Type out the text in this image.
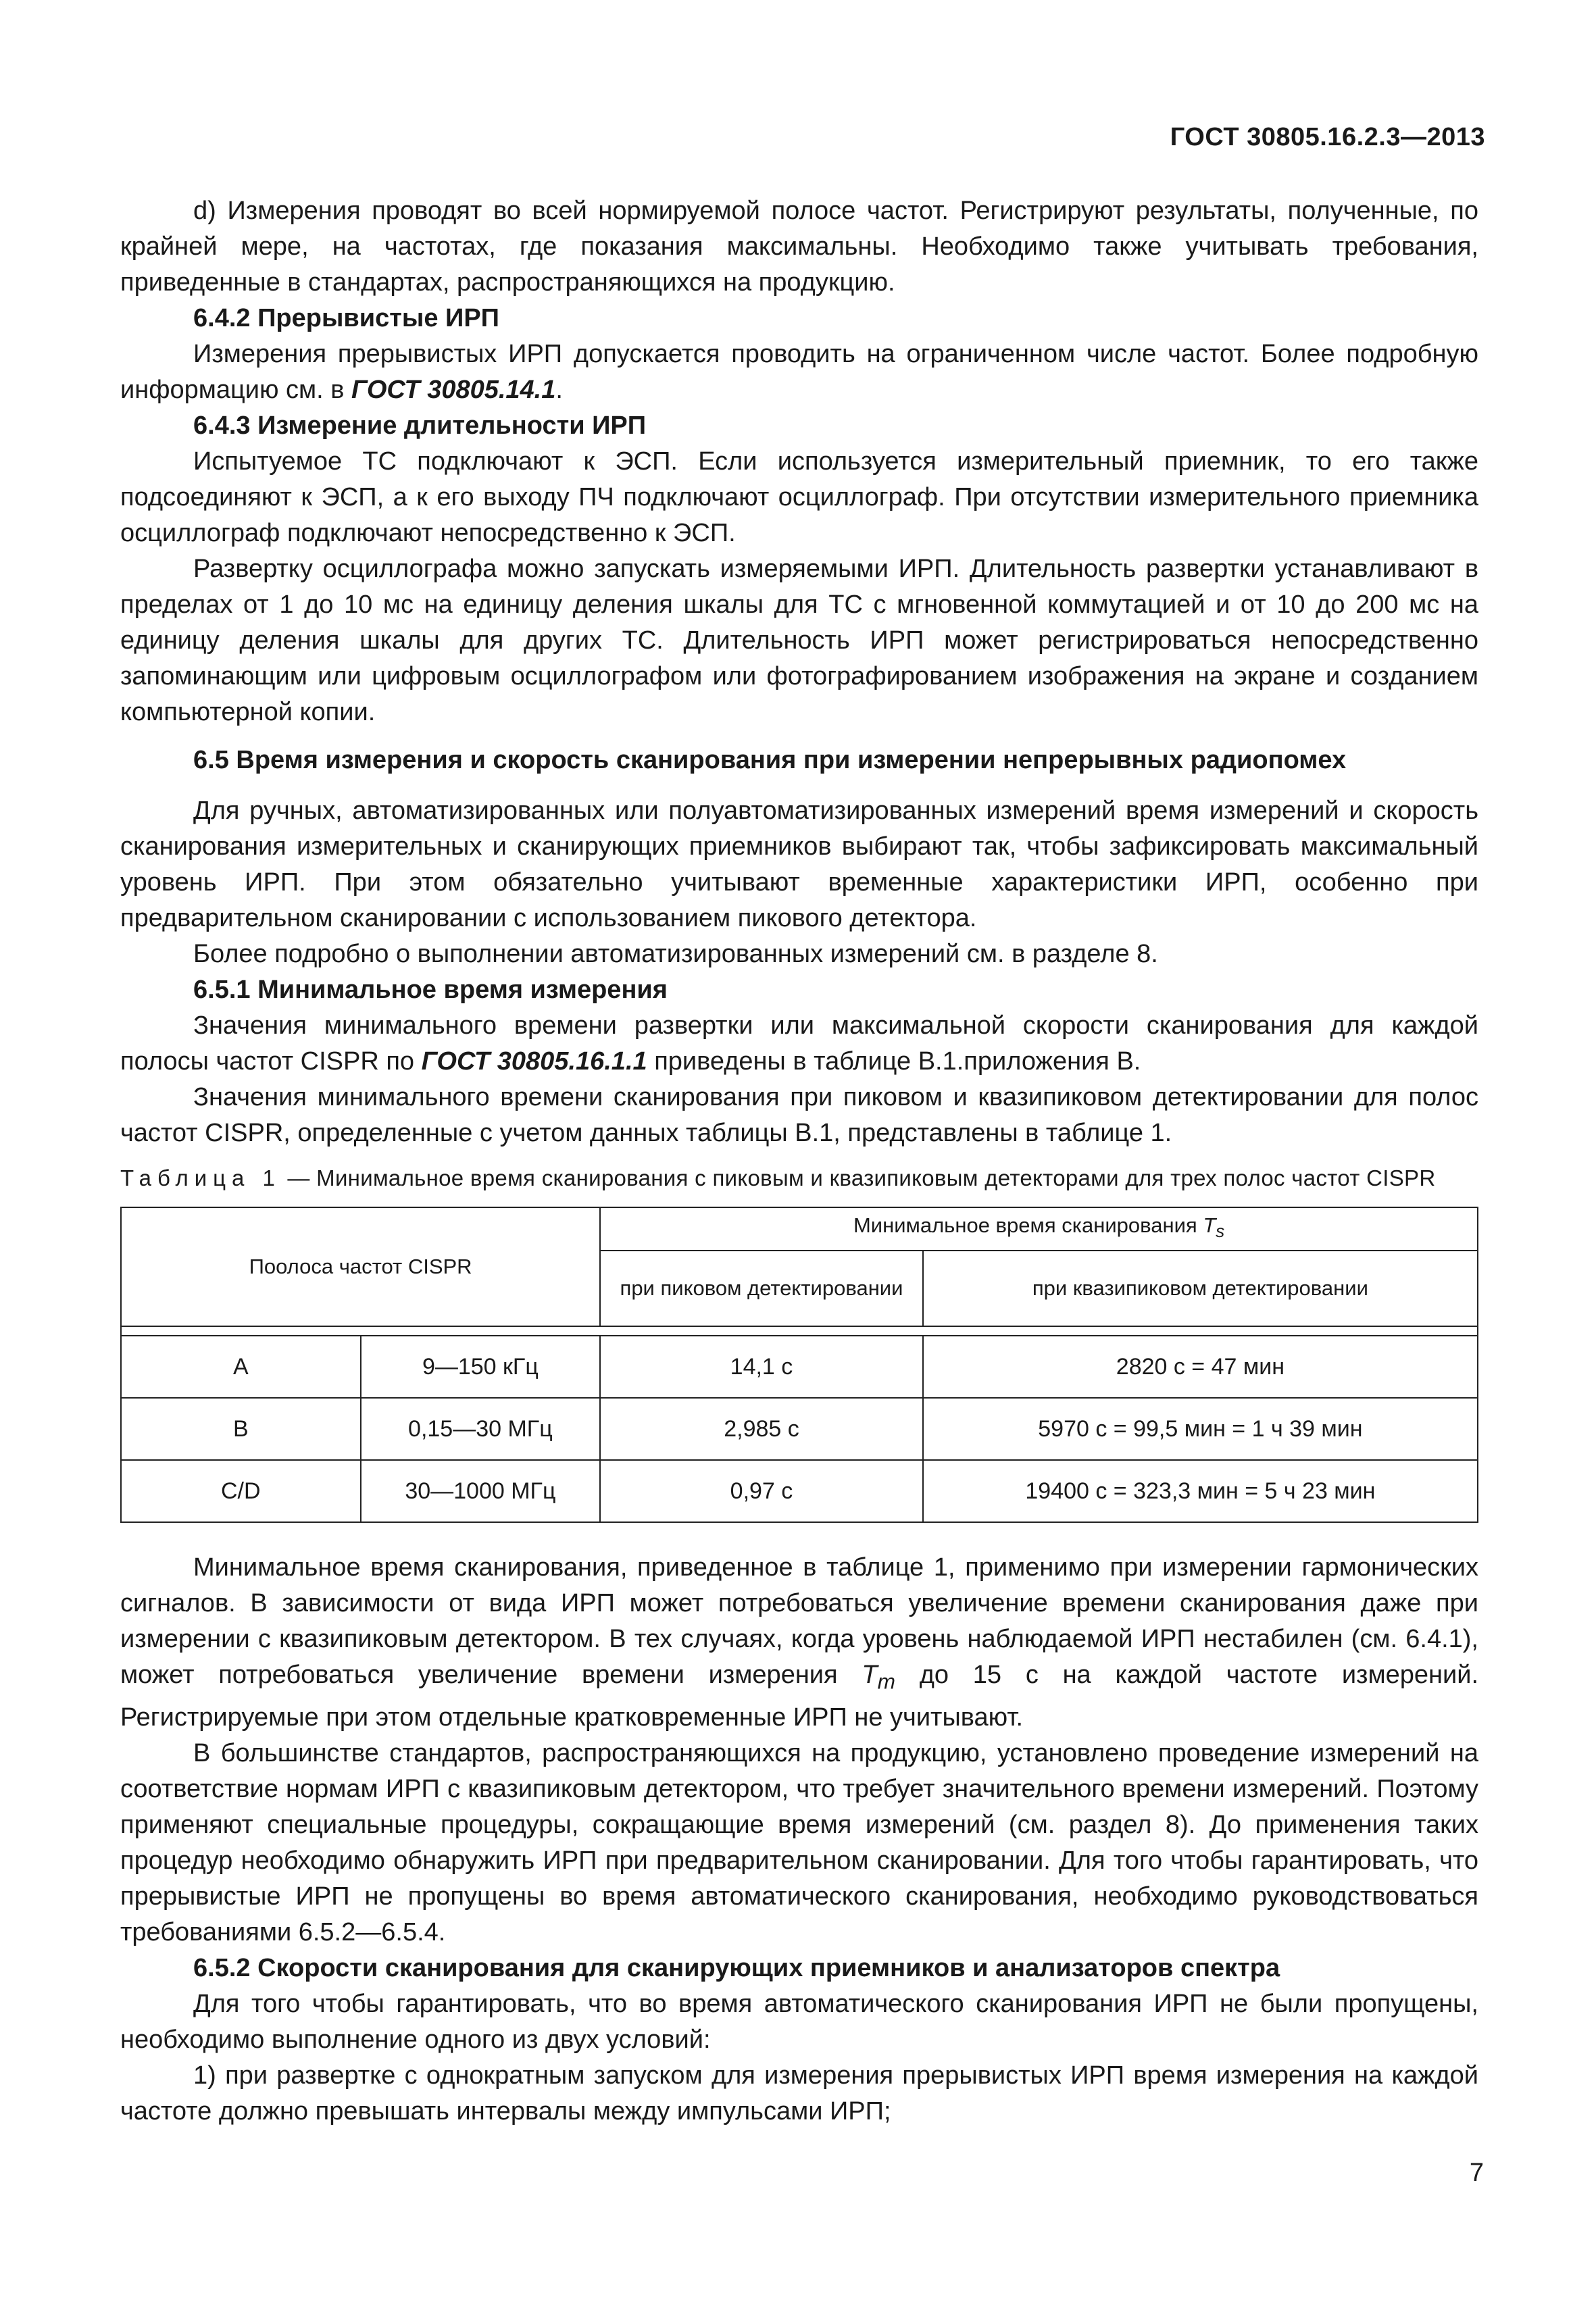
ГОСТ 30805.16.2.3—2013

d) Измерения проводят во всей нормируемой полосе частот. Регистрируют результаты, полученные, по крайней мере, на частотах, где показания максимальны. Необходимо также учитывать требования, приведенные в стандартах, распространяющихся на продукцию.

6.4.2 Прерывистые ИРП

Измерения прерывистых ИРП допускается проводить на ограниченном числе частот. Более подробную информацию см. в ГОСТ 30805.14.1.

6.4.3 Измерение длительности ИРП

Испытуемое ТС подключают к ЭСП. Если используется измерительный приемник, то его также подсоединяют к ЭСП, а к его выходу ПЧ подключают осциллограф. При отсутствии измерительного приемника осциллограф подключают непосредственно к ЭСП.

Развертку осциллографа можно запускать измеряемыми ИРП. Длительность развертки устанавливают в пределах от 1 до 10 мс на единицу деления шкалы для ТС с мгновенной коммутацией и от 10 до 200 мс на единицу деления шкалы для других ТС. Длительность ИРП может регистрироваться непосредственно запоминающим или цифровым осциллографом или фотографированием изображения на экране и созданием компьютерной копии.

6.5 Время измерения и скорость сканирования при измерении непрерывных радиопомех

Для ручных, автоматизированных или полуавтоматизированных измерений время измерений и скорость сканирования измерительных и сканирующих приемников выбирают так, чтобы зафиксировать максимальный уровень ИРП. При этом обязательно учитывают временные характеристики ИРП, особенно при предварительном сканировании с использованием пикового детектора.

Более подробно о выполнении автоматизированных измерений см. в разделе 8.

6.5.1 Минимальное время измерения

Значения минимального времени развертки или максимальной скорости сканирования для каждой полосы частот CISPR по ГОСТ 30805.16.1.1 приведены в таблице В.1.приложения В.

Значения минимального времени сканирования при пиковом и квазипиковом детектировании для полос частот CISPR, определенные с учетом данных таблицы В.1, представлены в таблице 1.

Таблица 1 — Минимальное время сканирования с пиковым и квазипиковым детекторами для трех полос частот CISPR
Поолоса частот CISPR		Минимальное время сканирования $T_s$
		при пиковом детектировании	при квазипиковом детектировании

A	9—150 кГц	14,1 с	2820 с = 47 мин
B	0,15—30 МГц	2,985 с	5970 с = 99,5 мин = 1 ч 39 мин
C/D	30—1000 МГц	0,97 с	19400 с = 323,3 мин = 5 ч 23 мин

Минимальное время сканирования, приведенное в таблице 1, применимо при измерении гармонических сигналов. В зависимости от вида ИРП может потребоваться увеличение времени сканирования даже при измерении с квазипиковым детектором. В тех случаях, когда уровень наблюдаемой ИРП нестабилен (см. 6.4.1), может потребоваться увеличение времени измерения $T_m$ до 15 с на каждой частоте измерений. Регистрируемые при этом отдельные кратковременные ИРП не учитывают.

В большинстве стандартов, распространяющихся на продукцию, установлено проведение измерений на соответствие нормам ИРП с квазипиковым детектором, что требует значительного времени измерений. Поэтому применяют специальные процедуры, сокращающие время измерений (см. раздел 8). До применения таких процедур необходимо обнаружить ИРП при предварительном сканировании. Для того чтобы гарантировать, что прерывистые ИРП не пропущены во время автоматического сканирования, необходимо руководствоваться требованиями 6.5.2—6.5.4.

6.5.2 Скорости сканирования для сканирующих приемников и анализаторов спектра

Для того чтобы гарантировать, что во время автоматического сканирования ИРП не были пропущены, необходимо выполнение одного из двух условий:

1) при развертке с однократным запуском для измерения прерывистых ИРП время измерения на каждой частоте должно превышать интервалы между импульсами ИРП;

7
